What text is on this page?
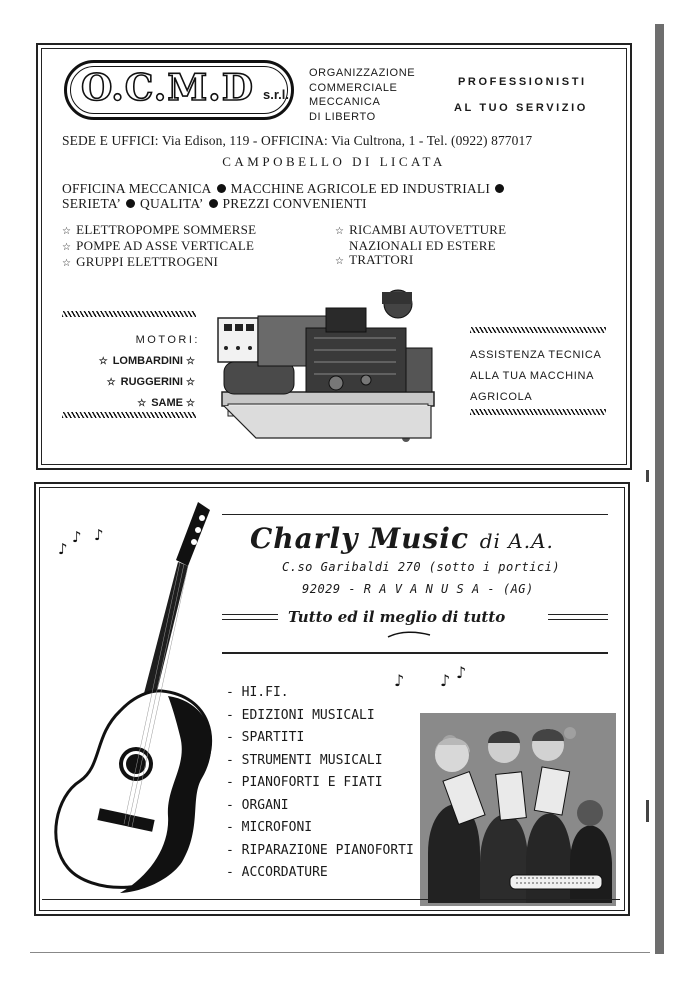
O.C.M.D s.r.l.
ORGANIZZAZIONE
COMMERCIALE
MECCANICA
DI LIBERTO
PROFESSIONISTI
AL TUO SERVIZIO
SEDE E UFFICI: Via Edison, 119 - OFFICINA: Via Cultrona, 1 - Tel. (0922) 877017
CAMPOBELLO DI LICATA
OFFICINA MECCANICA MACCHINE AGRICOLE ED INDUSTRIALI
SERIETA’ QUALITA’ PREZZI CONVENIENTI
☆ ELETTROPOMPE SOMMERSE
☆ POMPE AD ASSE VERTICALE
☆ GRUPPI ELETTROGENI
☆ RICAMBI AUTOVETTURE
NAZIONALI ED ESTERE
☆ TRATTORI
MOTORI:
☆ LOMBARDINI ☆
☆ RUGGERINI ☆
☆ SAME ☆
ASSISTENZA TECNICA
ALLA TUA MACCHINA
AGRICOLA
♪
♪ ♪	Charly Music di A.A.
C.so Garibaldi 270 (sotto i portici)
92029 - R A V A N U S A - (AG)
Tutto ed il meglio di tutto
♪ ♪ ♪
- HI.FI.
- EDIZIONI MUSICALI
- SPARTITI
- STRUMENTI MUSICALI
- PIANOFORTI E FIATI
- ORGANI
- MICROFONI
- RIPARAZIONE PIANOFORTI
- ACCORDATURE
